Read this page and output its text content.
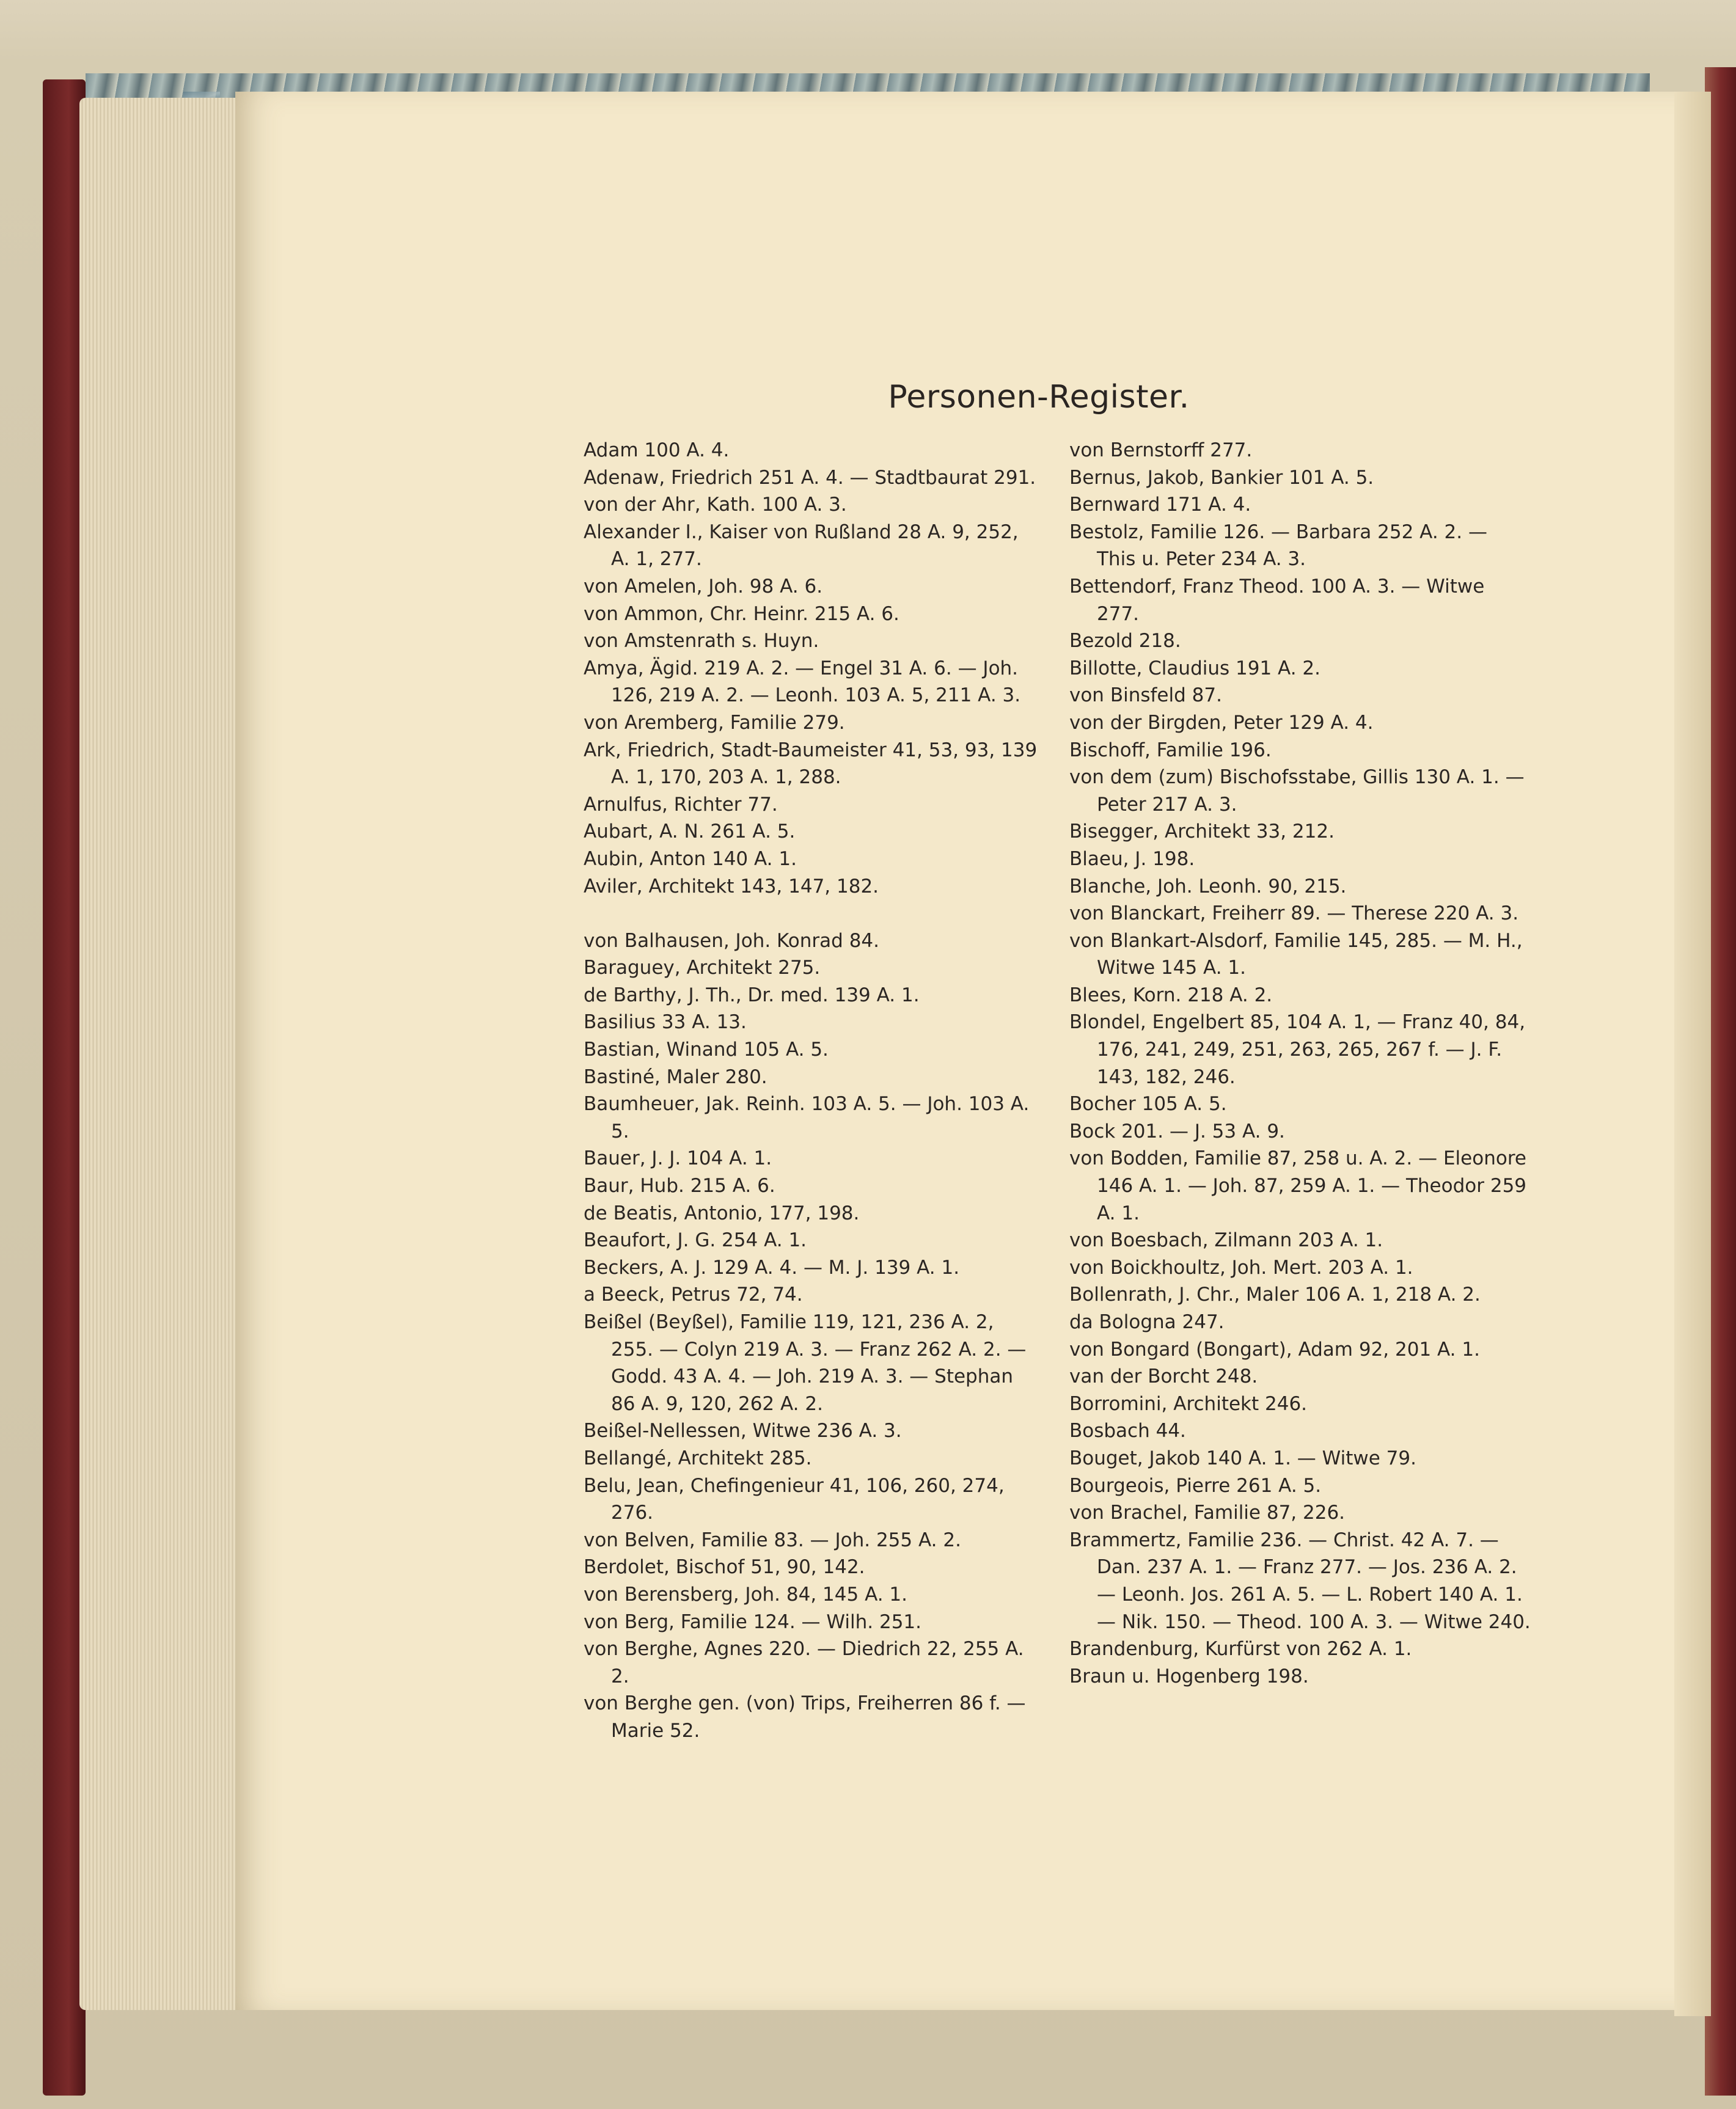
Personen-Register.

Adam 100 A. 4.

Adenaw, Friedrich 251 A. 4. — Stadtbaurat 291.

von der Ahr, Kath. 100 A. 3.

Alexander I., Kaiser von Rußland 28 A. 9, 252, A. 1, 277.

von Amelen, Joh. 98 A. 6.

von Ammon, Chr. Heinr. 215 A. 6.

von Amstenrath s. Huyn.

Amya, Ägid. 219 A. 2. — Engel 31 A. 6. — Joh. 126, 219 A. 2. — Leonh. 103 A. 5, 211 A. 3.

von Aremberg, Familie 279.

Ark, Friedrich, Stadt-Baumeister 41, 53, 93, 139 A. 1, 170, 203 A. 1, 288.

Arnulfus, Richter 77.

Aubart, A. N. 261 A. 5.

Aubin, Anton 140 A. 1.

Aviler, Architekt 143, 147, 182.

von Balhausen, Joh. Konrad 84.

Baraguey, Architekt 275.

de Barthy, J. Th., Dr. med. 139 A. 1.

Basilius 33 A. 13.

Bastian, Winand 105 A. 5.

Bastiné, Maler 280.

Baumheuer, Jak. Reinh. 103 A. 5. — Joh. 103 A. 5.

Bauer, J. J. 104 A. 1.

Baur, Hub. 215 A. 6.

de Beatis, Antonio, 177, 198.

Beaufort, J. G. 254 A. 1.

Beckers, A. J. 129 A. 4. — M. J. 139 A. 1.

a Beeck, Petrus 72, 74.

Beißel (Beyßel), Familie 119, 121, 236 A. 2, 255. — Colyn 219 A. 3. — Franz 262 A. 2. — Godd. 43 A. 4. — Joh. 219 A. 3. — Stephan 86 A. 9, 120, 262 A. 2.

Beißel-Nellessen, Witwe 236 A. 3.

Bellangé, Architekt 285.

Belu, Jean, Chefingenieur 41, 106, 260, 274, 276.

von Belven, Familie 83. — Joh. 255 A. 2.

Berdolet, Bischof 51, 90, 142.

von Berensberg, Joh. 84, 145 A. 1.

von Berg, Familie 124. — Wilh. 251.

von Berghe, Agnes 220. — Diedrich 22, 255 A. 2.

von Berghe gen. (von) Trips, Freiherren 86 f. — Marie 52.

von Bernstorff 277.

Bernus, Jakob, Bankier 101 A. 5.

Bernward 171 A. 4.

Bestolz, Familie 126. — Barbara 252 A. 2. — This u. Peter 234 A. 3.

Bettendorf, Franz Theod. 100 A. 3. — Witwe 277.

Bezold 218.

Billotte, Claudius 191 A. 2.

von Binsfeld 87.

von der Birgden, Peter 129 A. 4.

Bischoff, Familie 196.

von dem (zum) Bischofsstabe, Gillis 130 A. 1. — Peter 217 A. 3.

Bisegger, Architekt 33, 212.

Blaeu, J. 198.

Blanche, Joh. Leonh. 90, 215.

von Blanckart, Freiherr 89. — Therese 220 A. 3.

von Blankart-Alsdorf, Familie 145, 285. — M. H., Witwe 145 A. 1.

Blees, Korn. 218 A. 2.

Blondel, Engelbert 85, 104 A. 1, — Franz 40, 84, 176, 241, 249, 251, 263, 265, 267 f. — J. F. 143, 182, 246.

Bocher 105 A. 5.

Bock 201. — J. 53 A. 9.

von Bodden, Familie 87, 258 u. A. 2. — Eleonore 146 A. 1. — Joh. 87, 259 A. 1. — Theodor 259 A. 1.

von Boesbach, Zilmann 203 A. 1.

von Boickhoultz, Joh. Mert. 203 A. 1.

Bollenrath, J. Chr., Maler 106 A. 1, 218 A. 2.

da Bologna 247.

von Bongard (Bongart), Adam 92, 201 A. 1.

van der Borcht 248.

Borromini, Architekt 246.

Bosbach 44.

Bouget, Jakob 140 A. 1. — Witwe 79.

Bourgeois, Pierre 261 A. 5.

von Brachel, Familie 87, 226.

Brammertz, Familie 236. — Christ. 42 A. 7. — Dan. 237 A. 1. — Franz 277. — Jos. 236 A. 2. — Leonh. Jos. 261 A. 5. — L. Robert 140 A. 1. — Nik. 150. — Theod. 100 A. 3. — Witwe 240.

Brandenburg, Kurfürst von 262 A. 1.

Braun u. Hogenberg 198.
